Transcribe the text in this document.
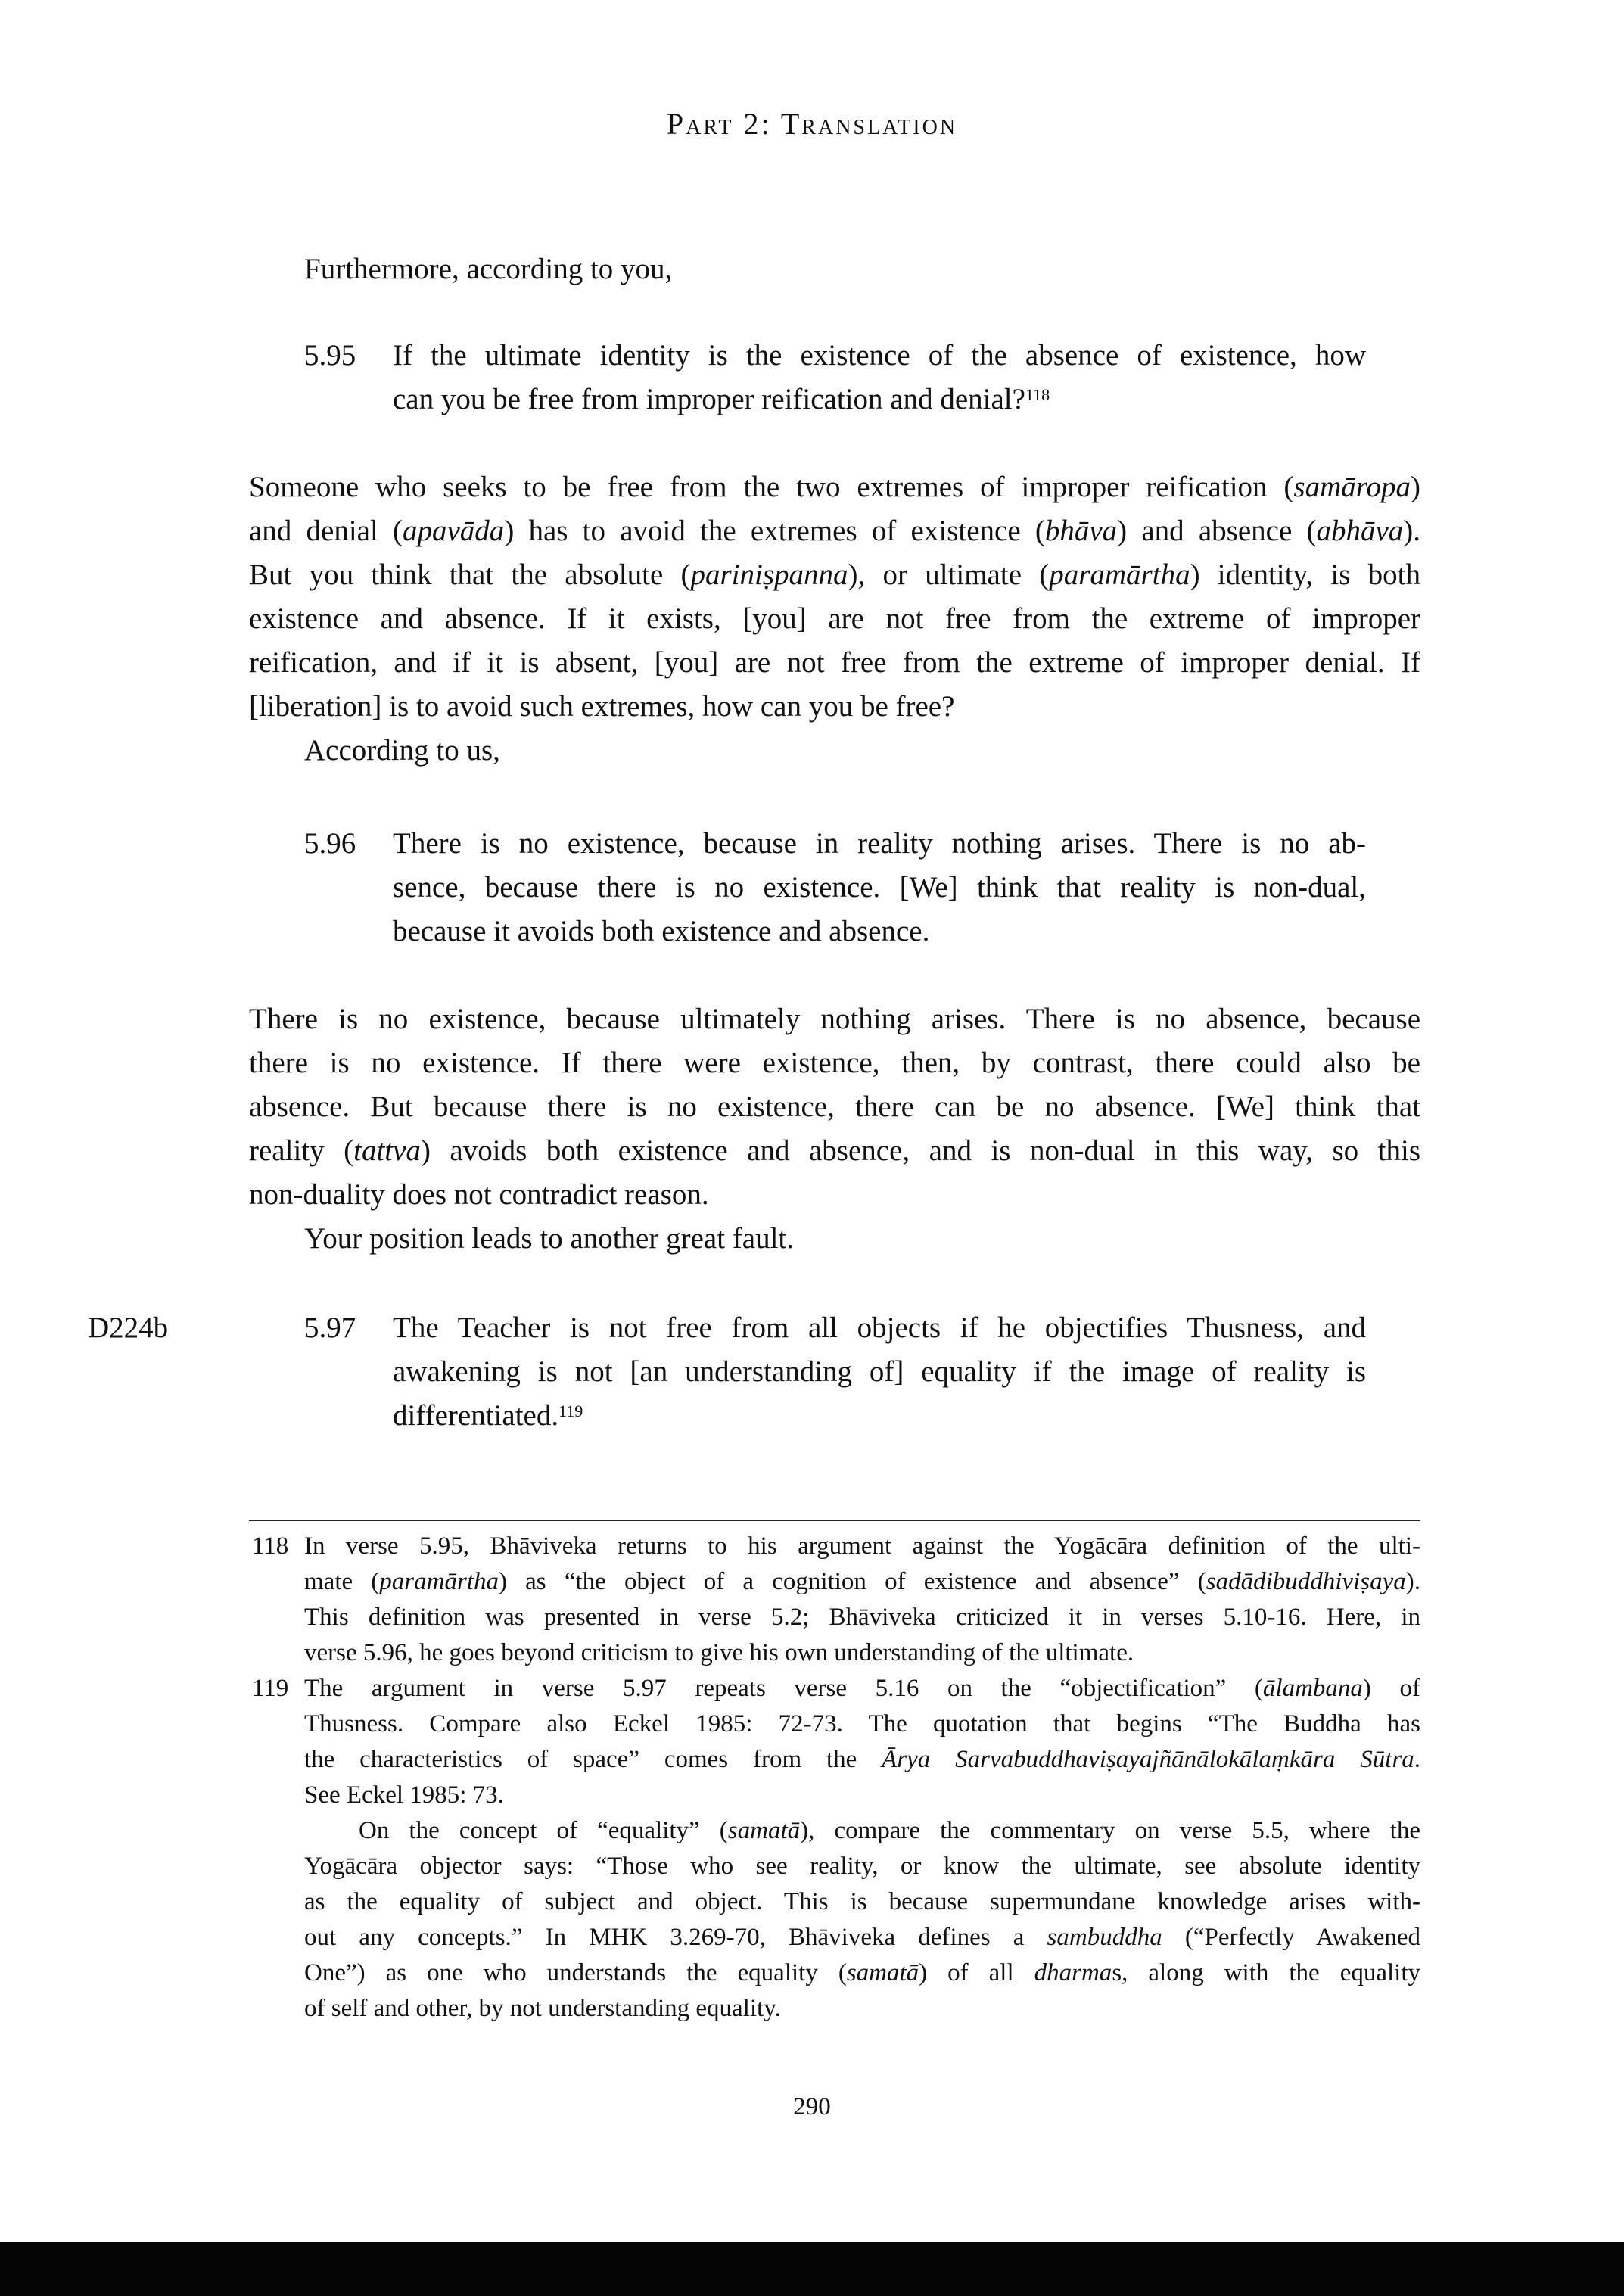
Part 2: Translation
Furthermore, according to you,
5.95 If the ultimate identity is the existence of the absence of existence, how
can you be free from improper reification and denial?$^{118}$
Someone who seeks to be free from the two extremes of improper reification (samāropa)
and denial (apavāda) has to avoid the extremes of existence (bhāva) and absence (abhāva).
But you think that the absolute (pariniṣpanna), or ultimate (paramārtha) identity, is both
existence and absence. If it exists, [you] are not free from the extreme of improper
reification, and if it is absent, [you] are not free from the extreme of improper denial. If
[liberation] is to avoid such extremes, how can you be free?
According to us,
5.96 There is no existence, because in reality nothing arises. There is no ab-
sence, because there is no existence. [We] think that reality is non-dual,
because it avoids both existence and absence.
There is no existence, because ultimately nothing arises. There is no absence, because
there is no existence. If there were existence, then, by contrast, there could also be
absence. But because there is no existence, there can be no absence. [We] think that
reality (tattva) avoids both existence and absence, and is non-dual in this way, so this
non-duality does not contradict reason.
Your position leads to another great fault.
D224b	5.97 The Teacher is not free from all objects if he objectifies Thusness, and
awakening is not [an understanding of] equality if the image of reality is
differentiated.$^{119}$
118 In verse 5.95, Bhāviveka returns to his argument against the Yogācāra definition of the ulti-
mate (paramārtha) as “the object of a cognition of existence and absence” (sadādibuddhiviṣaya).
This definition was presented in verse 5.2; Bhāviveka criticized it in verses 5.10-16. Here, in
verse 5.96, he goes beyond criticism to give his own understanding of the ultimate.
119 The argument in verse 5.97 repeats verse 5.16 on the “objectification” (ālambana) of
Thusness. Compare also Eckel 1985: 72-73. The quotation that begins “The Buddha has
the characteristics of space” comes from the Ārya Sarvabuddhaviṣayajñānālokālaṃkāra Sūtra.
See Eckel 1985: 73.
On the concept of “equality” (samatā), compare the commentary on verse 5.5, where the
Yogācāra objector says: “Those who see reality, or know the ultimate, see absolute identity
as the equality of subject and object. This is because supermundane knowledge arises with-
out any concepts.” In MHK 3.269-70, Bhāviveka defines a sambuddha (“Perfectly Awakened
One”) as one who understands the equality (samatā) of all dharmas, along with the equality
of self and other, by not understanding equality.
290
